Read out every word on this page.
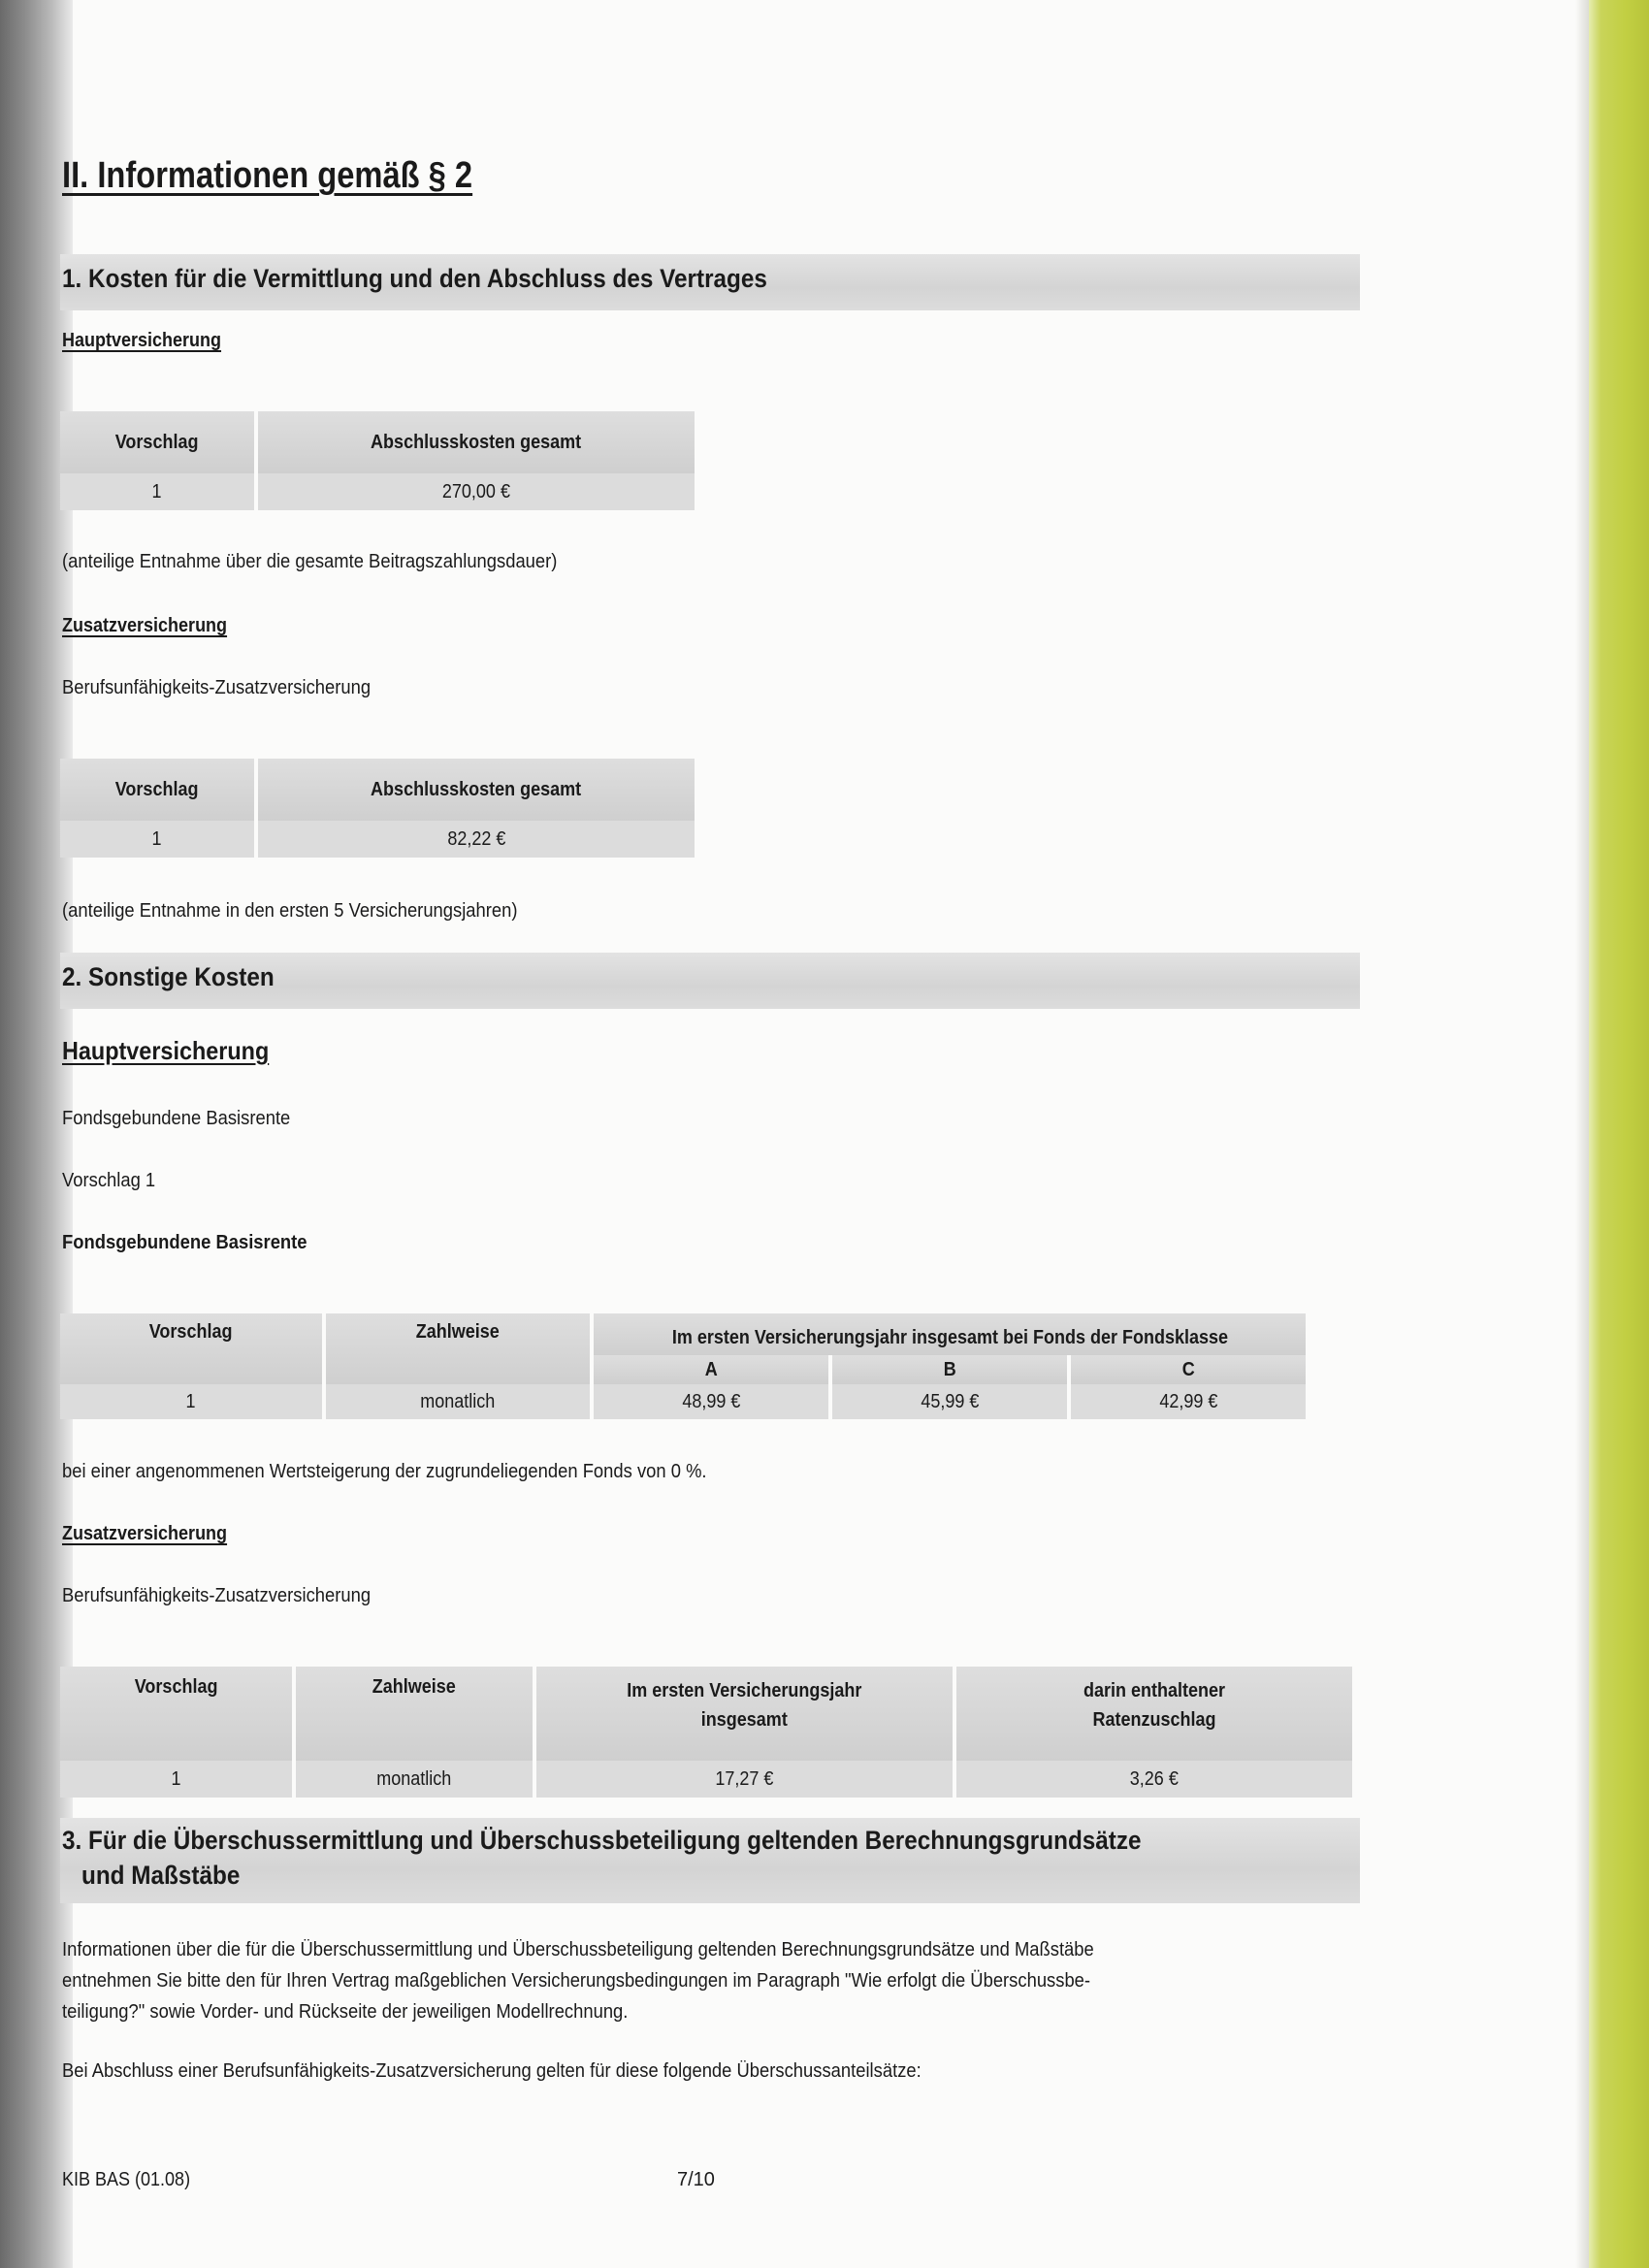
II. Informationen gemäß § 2
1. Kosten für die Vermittlung und den Abschluss des Vertrages
Hauptversicherung
Vorschlag	Abschlusskosten gesamt
1	270,00 €
(anteilige Entnahme über die gesamte Beitragszahlungsdauer)
Zusatzversicherung
Berufsunfähigkeits-Zusatzversicherung
Vorschlag	Abschlusskosten gesamt
1	82,22 €
(anteilige Entnahme in den ersten 5 Versicherungsjahren)
2. Sonstige Kosten
Hauptversicherung
Fondsgebundene Basisrente
Vorschlag 1
Fondsgebundene Basisrente
Vorschlag	Zahlweise	Im ersten Versicherungsjahr insgesamt bei Fonds der Fondsklasse		
		A	B	C
1	monatlich	48,99 €	45,99 €	42,99 €
bei einer angenommenen Wertsteigerung der zugrundeliegenden Fonds von 0 %.
Zusatzversicherung
Berufsunfähigkeits-Zusatzversicherung
Vorschlag	Zahlweise	Im ersten Versicherungsjahr insgesamt	darin enthaltener Ratenzuschlag
1	monatlich	17,27 €	3,26 €
3. Für die Überschussermittlung und Überschussbeteiligung geltenden Berechnungsgrundsätze
und Maßstäbe
Informationen über die für die Überschussermittlung und Überschussbeteiligung geltenden Berechnungsgrundsätze und Maßstäbe
entnehmen Sie bitte den für Ihren Vertrag maßgeblichen Versicherungsbedingungen im Paragraph "Wie erfolgt die Überschussbe-
teiligung?" sowie Vorder- und Rückseite der jeweiligen Modellrechnung.
Bei Abschluss einer Berufsunfähigkeits-Zusatzversicherung gelten für diese folgende Überschussanteilsätze:
KIB BAS (01.08)	7/10
